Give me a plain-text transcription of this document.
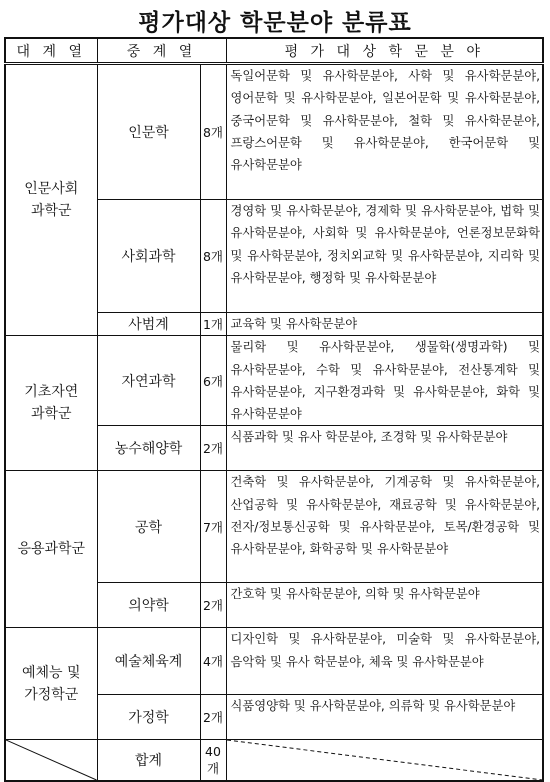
평가대상 학문분야 분류표
대 계 열	중 계 열		평 가 대 상 학 문 분 야
인문사회
과학군	인문학	8개	독일어문학 및 유사학문분야, 사학 및 유사학문분야, 영어문학 및 유사학문분야, 일본어문학 및 유사학문분야, 중국어문학 및 유사학문분야, 철학 및 유사학문분야, 프랑스어문학 및 유사학문분야, 한국어문학 및 유사학문분야
	사회과학	8개	경영학 및 유사학문분야, 경제학 및 유사학문분야, 법학 및 유사학문분야, 사회학 및 유사학문분야, 언론정보문화학 및 유사학문분야, 정치외교학 및 유사학문분야, 지리학 및 유사학문분야, 행정학 및 유사학문분야
	사범계	1개	교육학 및 유사학문분야
기초자연
과학군	자연과학	6개	물리학 및 유사학문분야, 생물학(생명과학) 및 유사학문분야, 수학 및 유사학문분야, 전산통계학 및 유사학문분야, 지구환경과학 및 유사학문분야, 화학 및 유사학문분야
	농수해양학	2개	식품과학 및 유사 학문분야, 조경학 및 유사학문분야
응용과학군	공학	7개	건축학 및 유사학문분야, 기계공학 및 유사학문분야, 산업공학 및 유사학문분야, 재료공학 및 유사학문분야, 전자/정보통신공학 및 유사학문분야, 토목/환경공학 및 유사학문분야, 화학공학 및 유사학문분야
	의약학	2개	간호학 및 유사학문분야, 의학 및 유사학문분야
예체능 및
가정학군	예술체육계	4개	디자인학 및 유사학문분야, 미술학 및 유사학문분야, 음악학 및 유사 학문분야, 체육 및 유사학문분야
	가정학	2개	식품영양학 및 유사학문분야, 의류학 및 유사학문분야

	합계	40
개	
